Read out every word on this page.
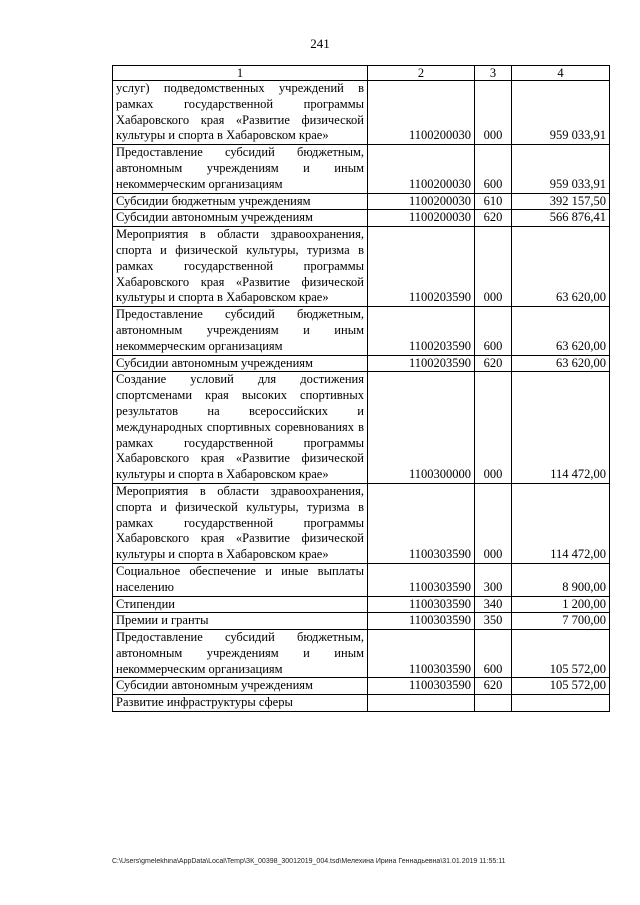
241
1	2	3	4
услуг) подведомственных учреждений в рамках государственной программы Хабаровского края «Развитие физической культуры и спорта в Хабаровском крае»	1100200030	000	959 033,91
Предоставление субсидий бюджетным, автономным учреждениям и иным некоммерческим организациям	1100200030	600	959 033,91
Субсидии бюджетным учреждениям	1100200030	610	392 157,50
Субсидии автономным учреждениям	1100200030	620	566 876,41
Мероприятия в области здравоохранения, спорта и физической культуры, туризма в рамках государственной программы Хабаровского края «Развитие физической культуры и спорта в Хабаровском крае»	1100203590	000	63 620,00
Предоставление субсидий бюджетным, автономным учреждениям и иным некоммерческим организациям	1100203590	600	63 620,00
Субсидии автономным учреждениям	1100203590	620	63 620,00
Создание условий для достижения спортсменами края высоких спортивных результатов на всероссийских и международных спортивных соревнованиях в рамках государственной программы Хабаровского края «Развитие физической культуры и спорта в Хабаровском крае»	1100300000	000	114 472,00
Мероприятия в области здравоохранения, спорта и физической культуры, туризма в рамках государственной программы Хабаровского края «Развитие физической культуры и спорта в Хабаровском крае»	1100303590	000	114 472,00
Социальное обеспечение и иные выплаты населению	1100303590	300	8 900,00
Стипендии	1100303590	340	1 200,00
Премии и гранты	1100303590	350	7 700,00
Предоставление субсидий бюджетным, автономным учреждениям и иным некоммерческим организациям	1100303590	600	105 572,00
Субсидии автономным учреждениям	1100303590	620	105 572,00
Развитие инфраструктуры сферы			
C:\Users\gmelekhina\AppData\Local\Temp\ЗК_00398_30012019_004.tsd\Мелехина Ирина Геннадьевна\31.01.2019 11:55:11
